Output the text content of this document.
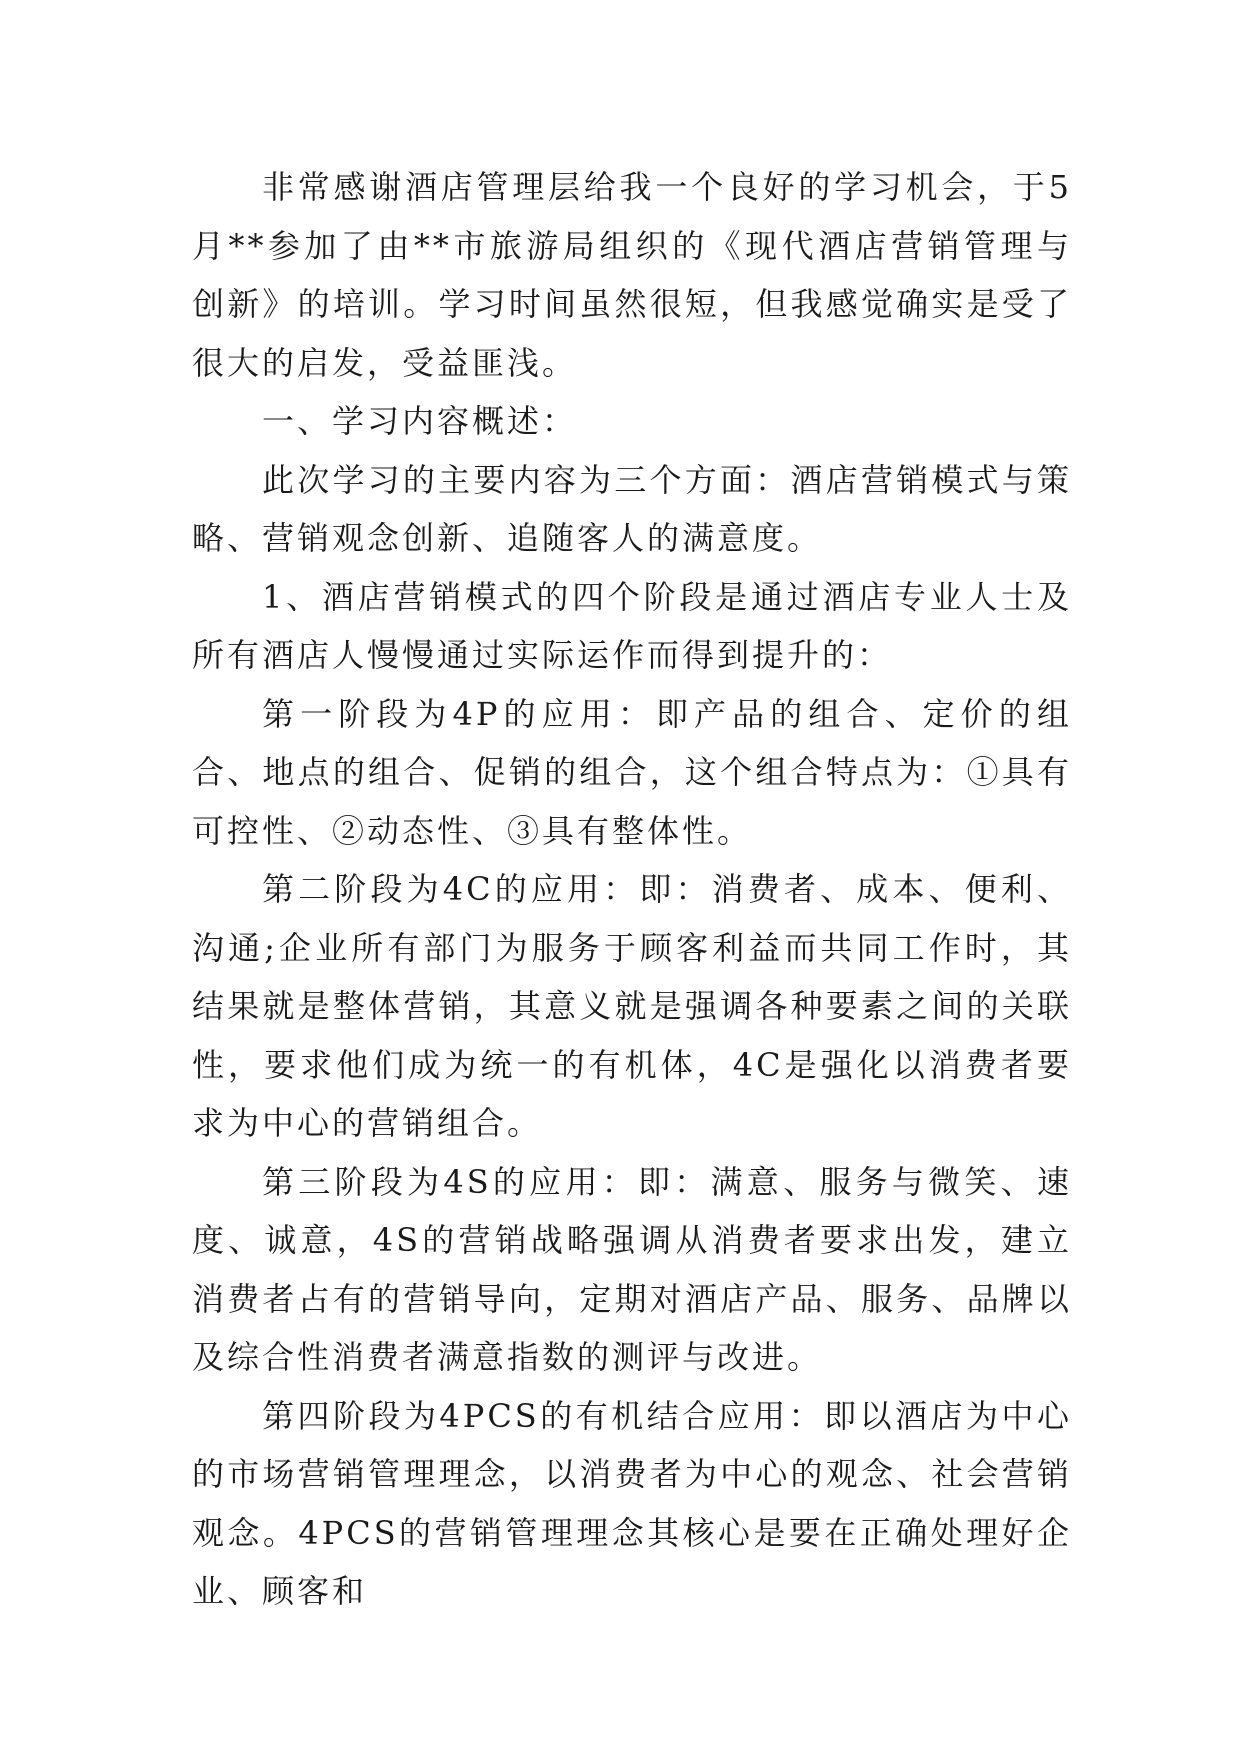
非常感谢酒店管理层给我一个良好的学习机会，于5月**参加了由**市旅游局组织的《现代酒店营销管理与创新》的培训。学习时间虽然很短，但我感觉确实是受了很大的启发，受益匪浅。

一、学习内容概述：

此次学习的主要内容为三个方面：酒店营销模式与策略、营销观念创新、追随客人的满意度。

1、酒店营销模式的四个阶段是通过酒店专业人士及所有酒店人慢慢通过实际运作而得到提升的：

第一阶段为4P的应用：即产品的组合、定价的组合、地点的组合、促销的组合，这个组合特点为：①具有可控性、②动态性、③具有整体性。

第二阶段为4C的应用：即：消费者、成本、便利、沟通;企业所有部门为服务于顾客利益而共同工作时，其结果就是整体营销，其意义就是强调各种要素之间的关联性，要求他们成为统一的有机体，4C是强化以消费者要求为中心的营销组合。

第三阶段为4S的应用：即：满意、服务与微笑、速度、诚意，4S的营销战略强调从消费者要求出发，建立消费者占有的营销导向，定期对酒店产品、服务、品牌以及综合性消费者满意指数的测评与改进。

第四阶段为4PCS的有机结合应用：即以酒店为中心的市场营销管理理念，以消费者为中心的观念、社会营销观念。4PCS的营销管理理念其核心是要在正确处理好企业、顾客和
